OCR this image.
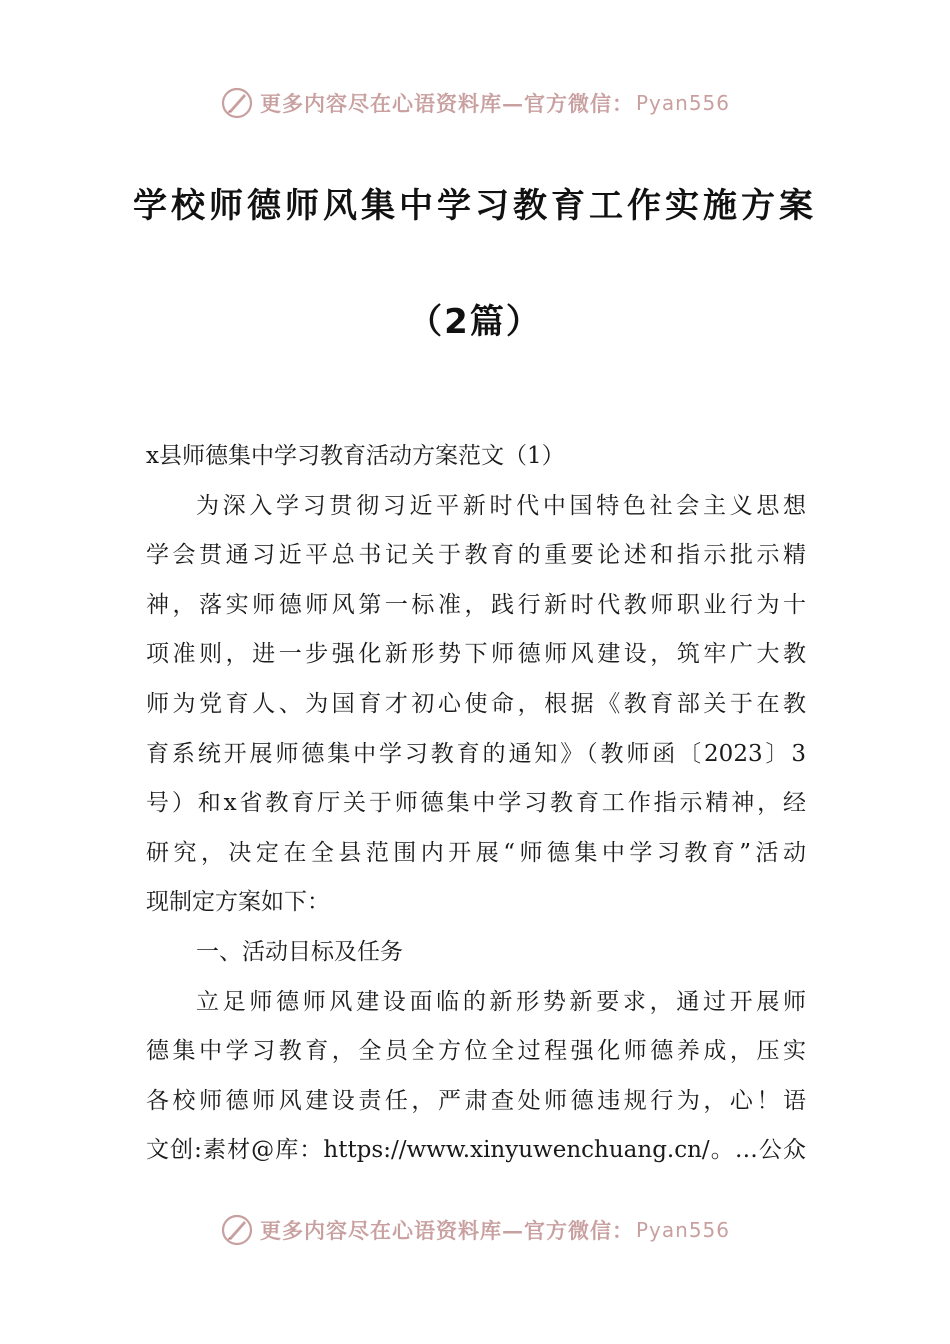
更多内容尽在心语资料库—官方微信： Pyan556
学校师德师风集中学习教育工作实施方案
（2篇）
x县师德集中学习教育活动方案范文（1）
为深入学习贯彻习近平新时代中国特色社会主义思想
学会贯通习近平总书记关于教育的重要论述和指示批示精
神，落实师德师风第一标准，践行新时代教师职业行为十
项准则，进一步强化新形势下师德师风建设，筑牢广大教
师为党育人、为国育才初心使命，根据《教育部关于在教
育系统开展师德集中学习教育的通知》（教师函〔2023〕3
号）和x省教育厅关于师德集中学习教育工作指示精神，经
研究，决定在全县范围内开展“师德集中学习教育”活动
现制定方案如下：
一、活动目标及任务
立足师德师风建设面临的新形势新要求，通过开展师
德集中学习教育，全员全方位全过程强化师德养成，压实
各校师德师风建设责任，严肃查处师德违规行为，心！语
文创:素材@库：https://www.xinyuwenchuang.cn/。…公众
更多内容尽在心语资料库—官方微信： Pyan556
